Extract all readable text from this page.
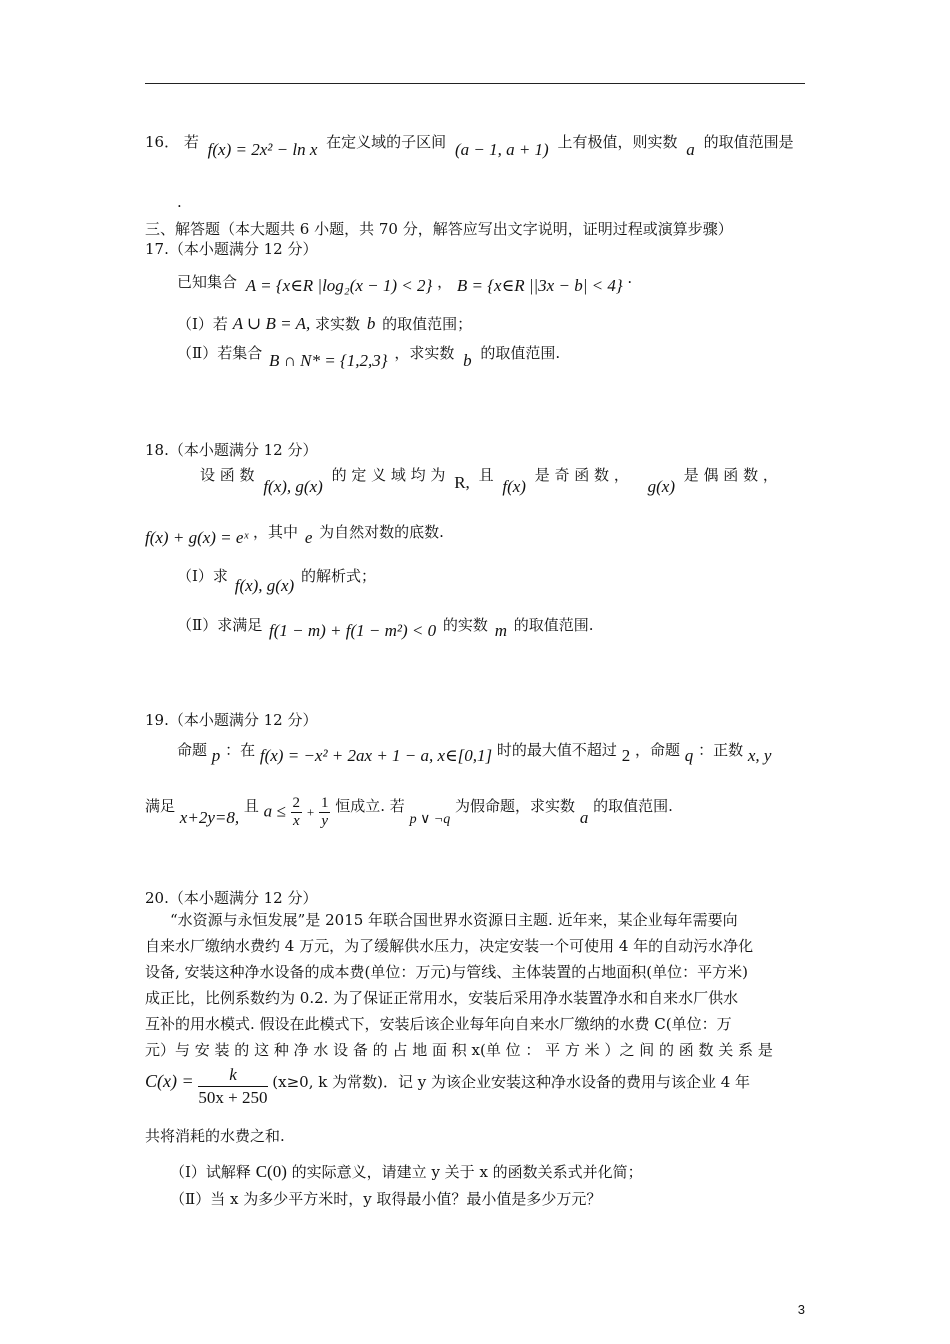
16． 若 f(x) = 2x² − ln x 在定义域的子区间 (a − 1, a + 1) 上有极值，则实数 a 的取值范围是
.
三、解答题（本大题共 6 小题，共 70 分，解答应写出文字说明，证明过程或演算步骤）
17.（本小题满分 12 分）
已知集合 A = {x∈R |log₂(x − 1) < 2} ， B = {x∈R ||3x − b| < 4} ·
（Ⅰ）若 A ∪ B = A, 求实数 b 的取值范围；
（Ⅱ）若集合 B ∩ N* = {1,2,3} ，求实数 b 的取值范围.
18.（本小题满分 12 分）
设 函 数 f(x), g(x) 的 定 义 域 均 为 R, 且 f(x) 是 奇 函 数 ， g(x) 是 偶 函 数 ，
f(x) + g(x) = eˣ ，其中 e 为自然对数的底数.
（Ⅰ）求 f(x), g(x) 的解析式；
（Ⅱ）求满足 f(1 − m) + f(1 − m²) < 0 的实数 m 的取值范围.
19.（本小题满分 12 分）
命题 p ：在 f(x) = −x² + 2ax + 1 − a, x∈[0,1] 时的最大值不超过 2 ，命题 q ：正数 x, y
满足 x+2y=8, 且 $a \le \frac{2}{x} + \frac{1}{y}$ 恒成立. 若 p ∨ ¬q 为假命题，求实数 a 的取值范围.
20.（本小题满分 12 分）
“水资源与永恒发展”是 2015 年联合国世界水资源日主题. 近年来，某企业每年需要向
自来水厂缴纳水费约 4 万元，为了缓解供水压力，决定安装一个可使用 4 年的自动污水净化
设备, 安装这种净水设备的成本费(单位：万元)与管线、主体装置的占地面积(单位：平方米)
成正比，比例系数约为 0.2. 为了保证正常用水，安装后采用净水装置净水和自来水厂供水
互补的用水模式. 假设在此模式下，安装后该企业每年向自来水厂缴纳的水费 C(单位：万
元）与 安 装 的 这 种 净 水 设 备 的 占 地 面 积 x(单 位 ： 平 方 米 ）之 间 的 函 数 关 系 是
$C(x) = \frac{k}{50x + 250} (x\ge 0$, k 为常数)．记 y 为该企业安装这种净水设备的费用与该企业 4 年
共将消耗的水费之和.
（Ⅰ）试解释 C(0) 的实际意义，请建立 y 关于 x 的函数关系式并化简；
（Ⅱ）当 x 为多少平方米时，y 取得最小值？最小值是多少万元？
3
